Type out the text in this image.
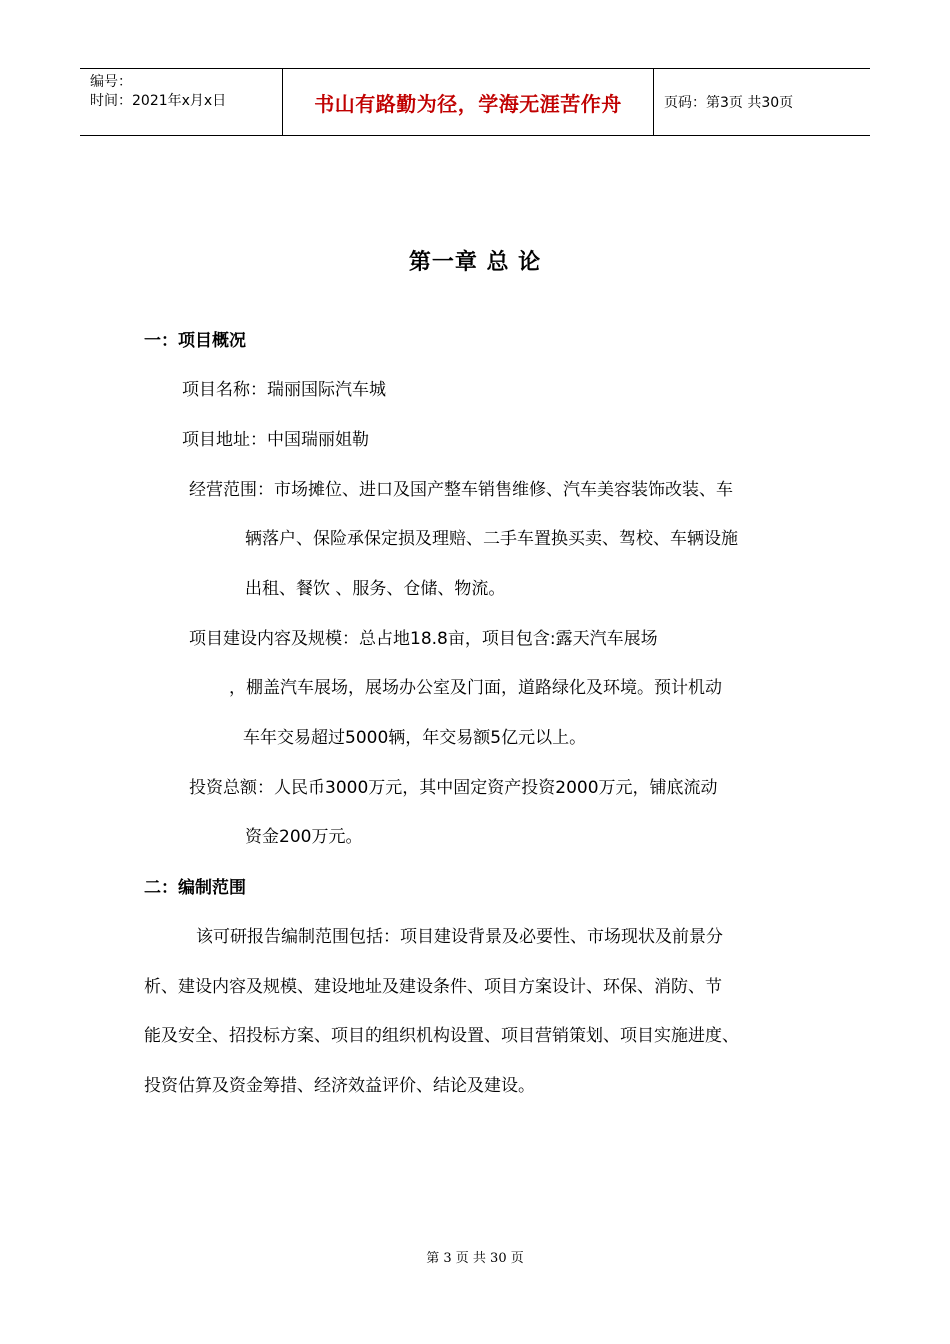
编号：
时间：2021年x月x日	书山有路勤为径，学海无涯苦作舟	页码：第3页 共30页
第一章 总 论
一：项目概况
项目名称：瑞丽国际汽车城
项目地址：中国瑞丽姐勒
经营范围：市场摊位、进口及国产整车销售维修、汽车美容装饰改装、车
辆落户、保险承保定损及理赔、二手车置换买卖、驾校、车辆设施
出租、餐饮 、服务、仓储、物流。
项目建设内容及规模：总占地18.8亩，项目包含:露天汽车展场
，棚盖汽车展场，展场办公室及门面，道路绿化及环境。预计机动
车年交易超过5000辆，年交易额5亿元以上。
投资总额：人民币3000万元，其中固定资产投资2000万元，铺底流动
资金200万元。
二：编制范围
该可研报告编制范围包括：项目建设背景及必要性、市场现状及前景分
析、建设内容及规模、建设地址及建设条件、项目方案设计、环保、消防、节
能及安全、招投标方案、项目的组织机构设置、项目营销策划、项目实施进度、
投资估算及资金筹措、经济效益评价、结论及建设。
第 3 页 共 30 页
